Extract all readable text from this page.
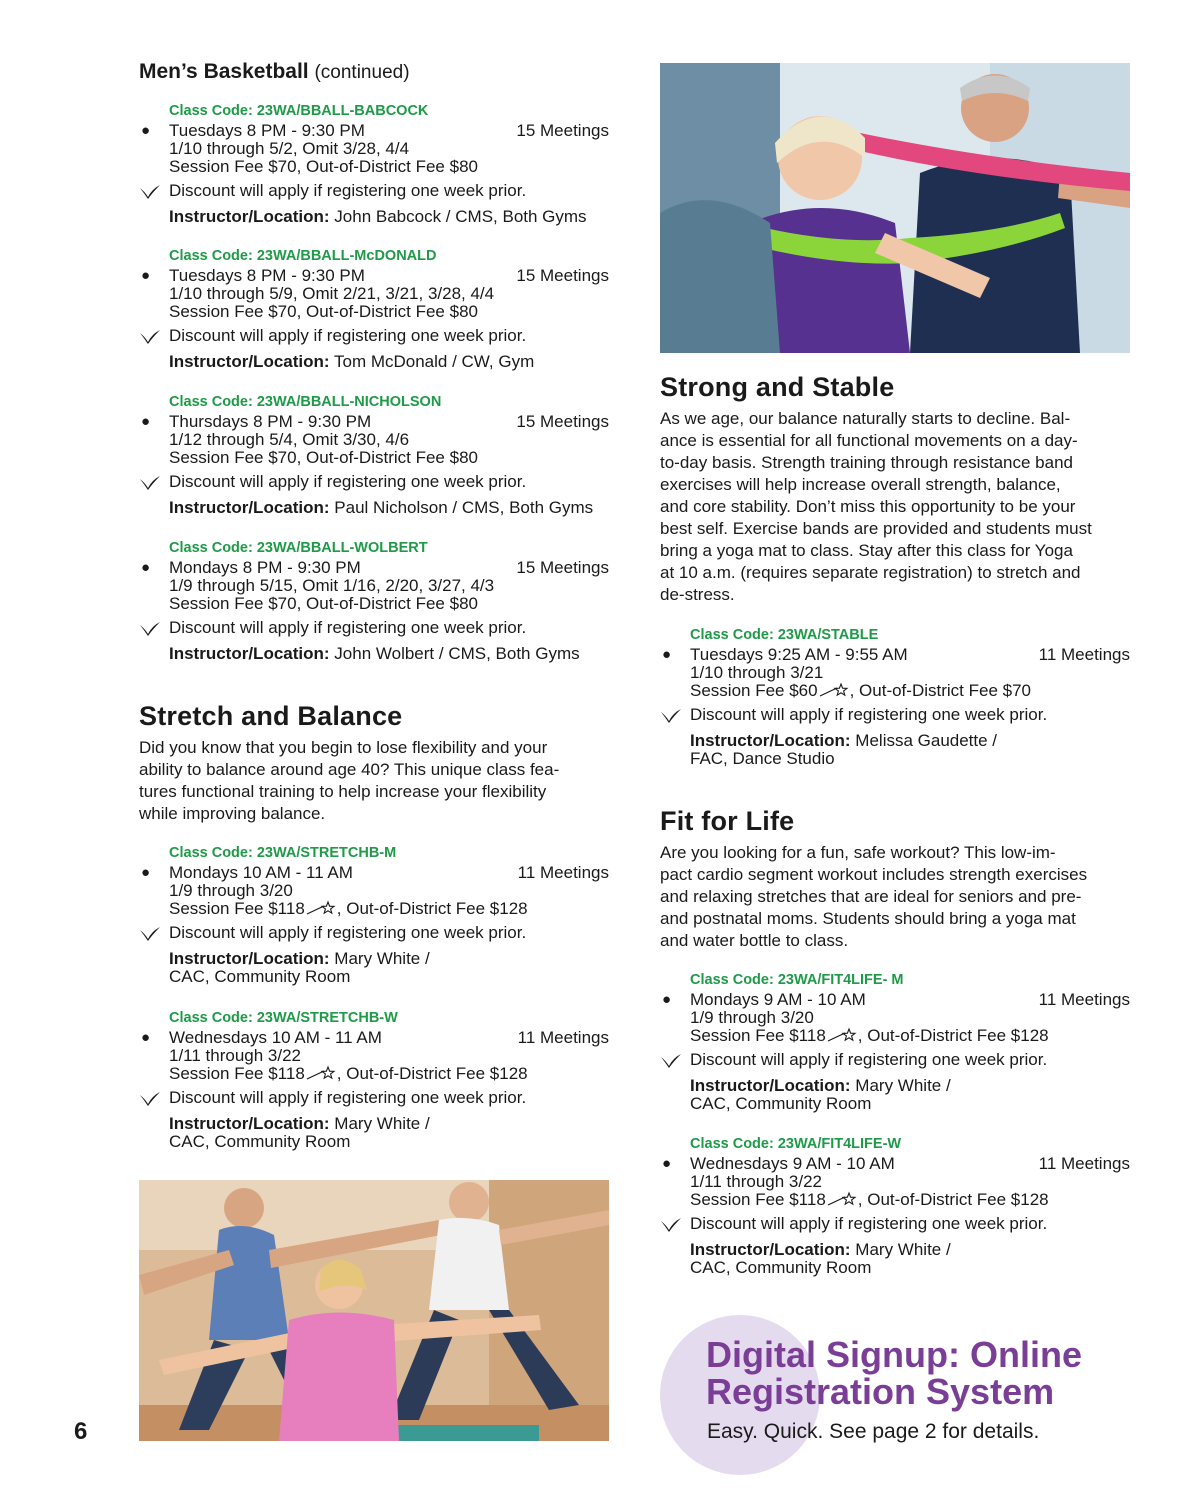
Men’s Basketball (continued)
Class Code: 23WA/BBALL-BABCOCK
● Tuesdays 8 PM - 9:30 PM	15 Meetings
1/10 through 5/2, Omit 3/28, 4/4
Session Fee $70, Out-of-District Fee $80
Discount will apply if registering one week prior.
Instructor/Location: John Babcock / CMS, Both Gyms
Class Code: 23WA/BBALL-McDONALD
● Tuesdays 8 PM - 9:30 PM	15 Meetings
1/10 through 5/9, Omit 2/21, 3/21, 3/28, 4/4
Session Fee $70, Out-of-District Fee $80
Discount will apply if registering one week prior.
Instructor/Location: Tom McDonald / CW, Gym
Class Code: 23WA/BBALL-NICHOLSON
● Thursdays 8 PM - 9:30 PM	15 Meetings
1/12 through 5/4, Omit 3/30, 4/6
Session Fee $70, Out-of-District Fee $80
Discount will apply if registering one week prior.
Instructor/Location: Paul Nicholson / CMS, Both Gyms
Class Code: 23WA/BBALL-WOLBERT
● Mondays 8 PM - 9:30 PM	15 Meetings
1/9 through 5/15, Omit 1/16, 2/20, 3/27, 4/3
Session Fee $70, Out-of-District Fee $80
Discount will apply if registering one week prior.
Instructor/Location: John Wolbert / CMS, Both Gyms
Stretch and Balance
Did you know that you begin to lose flexibility and your
ability to balance around age 40? This unique class fea-
tures functional training to help increase your flexibility
while improving balance.
Class Code: 23WA/STRETCHB-M
● Mondays 10 AM - 11 AM	11 Meetings
1/9 through 3/20
Session Fee $118 , Out-of-District Fee $128
Discount will apply if registering one week prior.
Instructor/Location: Mary White /
CAC, Community Room
Class Code: 23WA/STRETCHB-W
● Wednesdays 10 AM - 11 AM	11 Meetings
1/11 through 3/22
Session Fee $118 , Out-of-District Fee $128
Discount will apply if registering one week prior.
Instructor/Location: Mary White /
CAC, Community Room
6
Strong and Stable
As we age, our balance naturally starts to decline. Bal-
ance is essential for all functional movements on a day-
to-day basis. Strength training through resistance band
exercises will help increase overall strength, balance,
and core stability. Don’t miss this opportunity to be your
best self. Exercise bands are provided and students must
bring a yoga mat to class. Stay after this class for Yoga
at 10 a.m. (requires separate registration) to stretch and
de-stress.
Class Code: 23WA/STABLE
● Tuesdays 9:25 AM - 9:55 AM	11 Meetings
1/10 through 3/21
Session Fee $60 , Out-of-District Fee $70
Discount will apply if registering one week prior.
Instructor/Location: Melissa Gaudette /
FAC, Dance Studio
Fit for Life
Are you looking for a fun, safe workout? This low-im-
pact cardio segment workout includes strength exercises
and relaxing stretches that are ideal for seniors and pre-
and postnatal moms. Students should bring a yoga mat
and water bottle to class.
Class Code: 23WA/FIT4LIFE- M
● Mondays 9 AM - 10 AM	11 Meetings
1/9 through 3/20
Session Fee $118 , Out-of-District Fee $128
Discount will apply if registering one week prior.
Instructor/Location: Mary White /
CAC, Community Room
Class Code: 23WA/FIT4LIFE-W
● Wednesdays 9 AM - 10 AM	11 Meetings
1/11 through 3/22
Session Fee $118 , Out-of-District Fee $128
Discount will apply if registering one week prior.
Instructor/Location: Mary White /
CAC, Community Room
Digital Signup: Online
Registration System
Easy. Quick. See page 2 for details.
